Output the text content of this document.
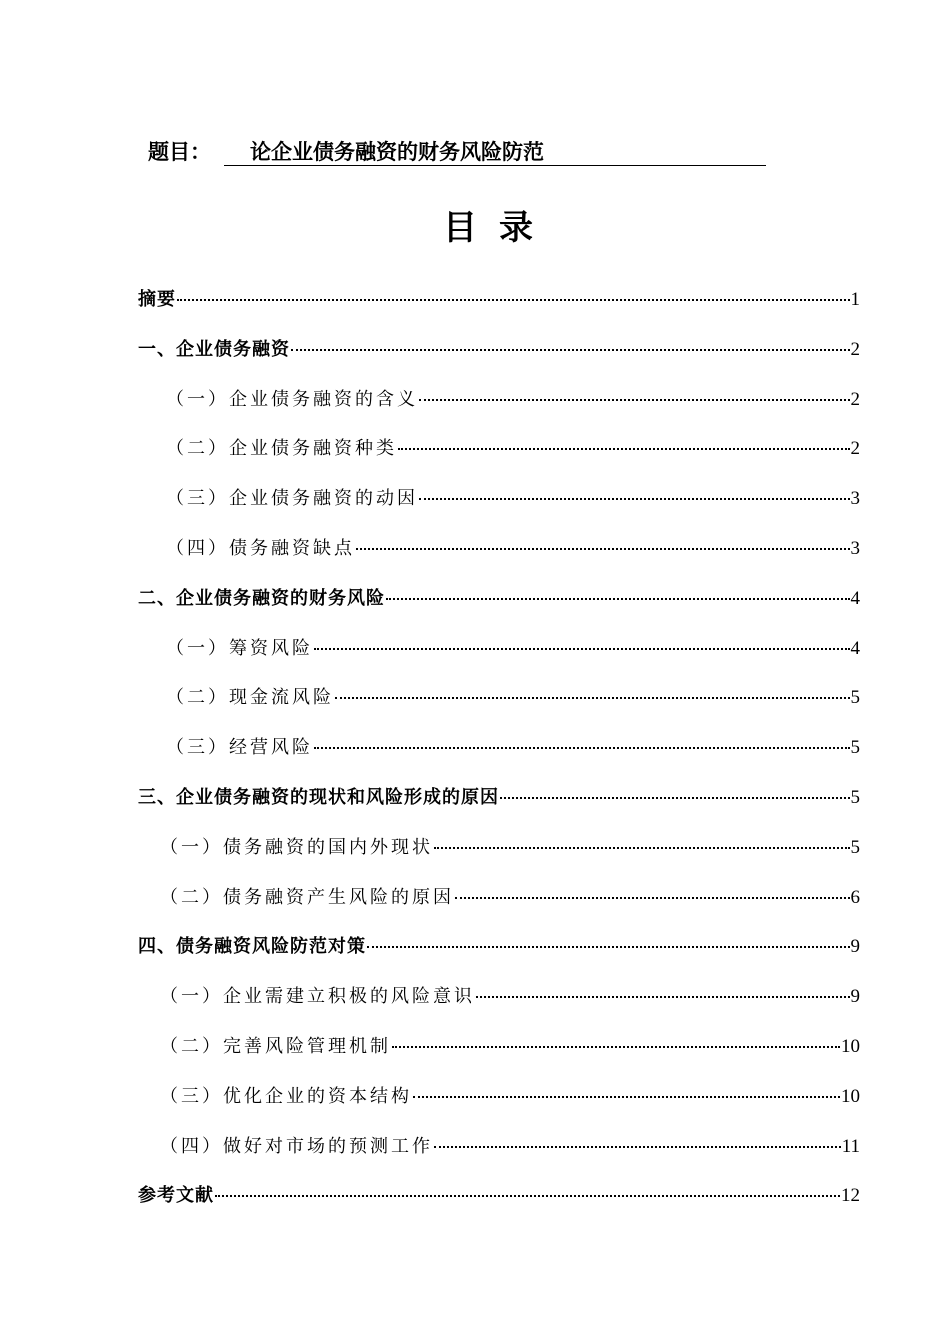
题目： 论企业债务融资的财务风险防范
目录
摘要	1
一、企业债务融资	2
（一）企业债务融资的含义	2
（二）企业债务融资种类	2
（三）企业债务融资的动因	3
（四）债务融资缺点	3
二、企业债务融资的财务风险	4
（一）筹资风险	4
（二）现金流风险	5
（三）经营风险	5
三、企业债务融资的现状和风险形成的原因	5
（一）债务融资的国内外现状	5
（二）债务融资产生风险的原因	6
四、债务融资风险防范对策	9
（一）企业需建立积极的风险意识	9
（二）完善风险管理机制	10
（三）优化企业的资本结构	10
（四）做好对市场的预测工作	11
参考文献	12
